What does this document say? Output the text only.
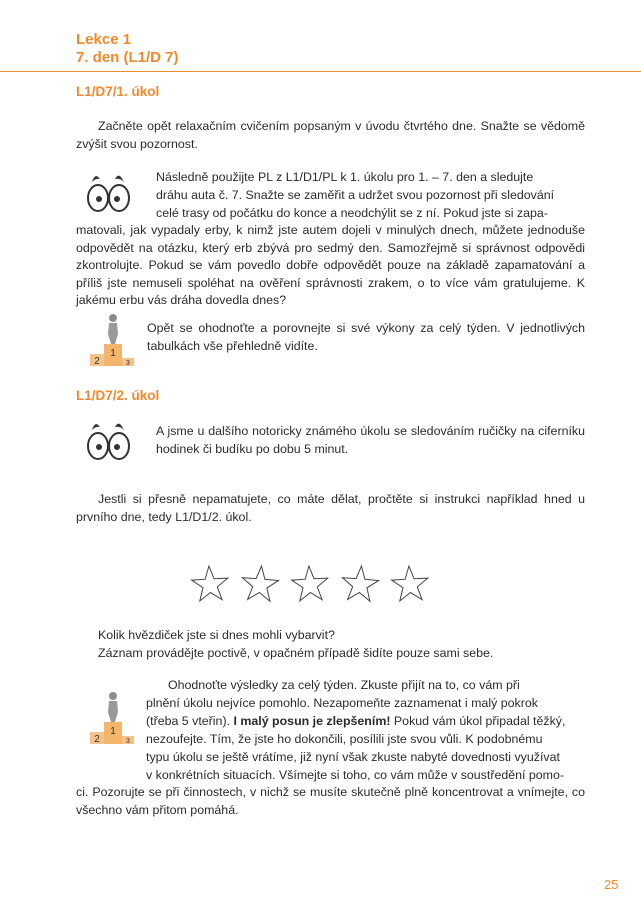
Lekce 1
7. den (L1/D 7)
L1/D7/1. úkol

Začněte opět relaxačním cvičením popsaným v úvodu čtvrtého dne. Snažte se vědomě zvýšit svou pozornost.

Následně použijte PL z L1/D1/PL k 1. úkolu pro 1. – 7. den a sledujte

dráhu auta č. 7. Snažte se zaměřit a udržet svou pozornost při sledování

celé trasy od počátku do konce a neodchýlit se z ní. Pokud jste si zapa-

matovali, jak vypadaly erby, k nimž jste autem dojeli v minulých dnech, můžete jednoduše odpovědět na otázku, který erb zbývá pro sedmý den. Samozřejmě si správnost odpovědi zkontrolujte. Pokud se vám povedlo dobře odpovědět pouze na základě zapamatování a příliš jste nemuseli spoléhat na ověření správnosti zrakem, o to více vám gratulujeme. K jakému erbu vás dráha dovedla dnes?

1
2	3

Opět se ohodnoťte a porovnejte si své výkony za celý týden. V jednotlivých tabulkách vše přehledně vidíte.

L1/D7/2. úkol

A jsme u dalšího notoricky známého úkolu se sledováním ručičky na ciferníku hodinek či budíku po dobu 5 minut.

Jestli si přesně nepamatujete, co máte dělat, pročtěte si instrukci například hned u prvního dne, tedy L1/D1/2. úkol.

Kolik hvězdiček jste si dnes mohli vybarvit?

Záznam provádějte poctivě, v opačném případě šidíte pouze sami sebe.

1
2	3

Ohodnoťte výsledky za celý týden. Zkuste přijít na to, co vám při

plnění úkolu nejvíce pomohlo. Nezapomeňte zaznamenat i malý pokrok

(třeba 5 vteřin). I malý posun je zlepšením! Pokud vám úkol připadal těžký,

nezoufejte. Tím, že jste ho dokončili, posílili jste svou vůli. K podobnému

typu úkolu se ještě vrátíme, již nyní však zkuste nabyté dovednosti využívat

v konkrétních situacích. Všímejte si toho, co vám může v soustředění pomo-

ci. Pozorujte se při činnostech, v nichž se musíte skutečně plně koncentrovat a vnímejte, co všechno vám přitom pomáhá.

25
